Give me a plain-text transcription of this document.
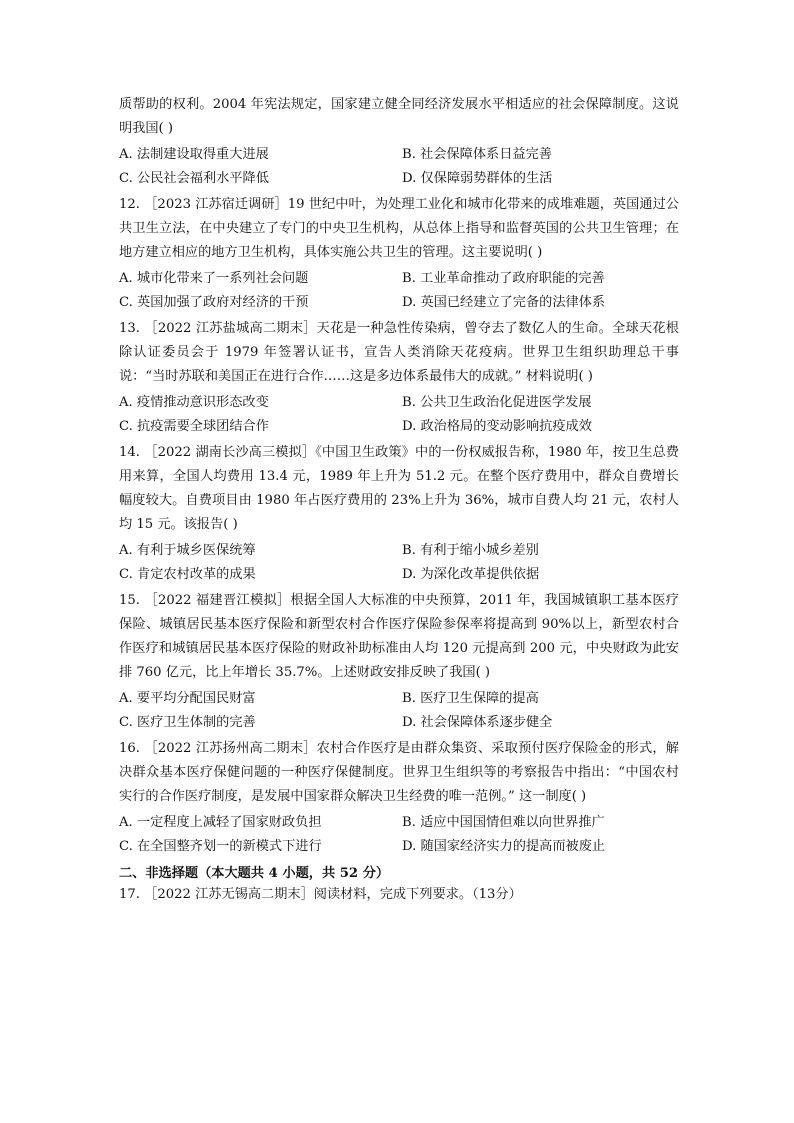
质帮助的权利。2004 年宪法规定，国家建立健全同经济发展水平相适应的社会保障制度。这说明我国( )

A. 法制建设取得重大进展	B. 社会保障体系日益完善
C. 公民社会福利水平降低	D. 仅保障弱势群体的生活

12. ［2023 江苏宿迁调研］19 世纪中叶，为处理工业化和城市化带来的成堆难题，英国通过公共卫生立法，在中央建立了专门的中央卫生机构，从总体上指导和监督英国的公共卫生管理；在地方建立相应的地方卫生机构，具体实施公共卫生的管理。这主要说明( )

A. 城市化带来了一系列社会问题	B. 工业革命推动了政府职能的完善
C. 英国加强了政府对经济的干预	D. 英国已经建立了完备的法律体系

13. ［2022 江苏盐城高二期末］天花是一种急性传染病，曾夺去了数亿人的生命。全球天花根除认证委员会于 1979 年签署认证书，宣告人类消除天花疫病。世界卫生组织助理总干事说：“当时苏联和美国正在进行合作……这是多边体系最伟大的成就。” 材料说明( )

A. 疫情推动意识形态改变	B. 公共卫生政治化促进医学发展
C. 抗疫需要全球团结合作	D. 政治格局的变动影响抗疫成效

14. ［2022 湖南长沙高三模拟］《中国卫生政策》中的一份权威报告称，1980 年，按卫生总费用来算，全国人均费用 13.4 元，1989 年上升为 51.2 元。在整个医疗费用中，群众自费增长幅度较大。自费项目由 1980 年占医疗费用的 23%上升为 36%，城市自费人均 21 元，农村人均 15 元。该报告( )

A. 有利于城乡医保统筹	B. 有利于缩小城乡差别
C. 肯定农村改革的成果	D. 为深化改革提供依据

15. ［2022 福建晋江模拟］根据全国人大标准的中央预算，2011 年，我国城镇职工基本医疗保险、城镇居民基本医疗保险和新型农村合作医疗保险参保率将提高到 90%以上，新型农村合作医疗和城镇居民基本医疗保险的财政补助标准由人均 120 元提高到 200 元，中央财政为此安排 760 亿元，比上年增长 35.7%。上述财政安排反映了我国( )

A. 要平均分配国民财富	B. 医疗卫生保障的提高
C. 医疗卫生体制的完善	D. 社会保障体系逐步健全

16. ［2022 江苏扬州高二期末］农村合作医疗是由群众集资、采取预付医疗保险金的形式，解决群众基本医疗保健问题的一种医疗保健制度。世界卫生组织等的考察报告中指出：“中国农村实行的合作医疗制度，是发展中国家群众解决卫生经费的唯一范例。” 这一制度( )

A. 一定程度上减轻了国家财政负担	B. 适应中国国情但难以向世界推广
C. 在全国整齐划一的新模式下进行	D. 随国家经济实力的提高而被废止
二、非选择题（本大题共 4 小题，共 52 分）
17. ［2022 江苏无锡高二期末］阅读材料，完成下列要求。（13分）
